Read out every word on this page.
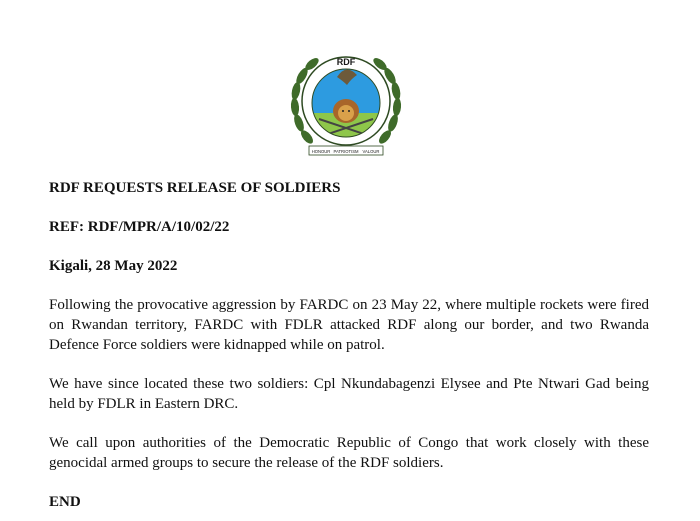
RDF
HONOUR PATRIOTISM VALOUR
RDF REQUESTS RELEASE OF SOLDIERS
REF: RDF/MPR/A/10/02/22
Kigali, 28 May 2022

Following the provocative aggression by FARDC on 23 May 22, where multiple rockets were fired on Rwandan territory, FARDC with FDLR attacked RDF along our border, and two Rwanda Defence Force soldiers were kidnapped while on patrol.

We have since located these two soldiers: Cpl Nkundabagenzi Elysee and Pte Ntwari Gad being held by FDLR in Eastern DRC.

We call upon authorities of the Democratic Republic of Congo that work closely with these genocidal armed groups to secure the release of the RDF soldiers.

END
